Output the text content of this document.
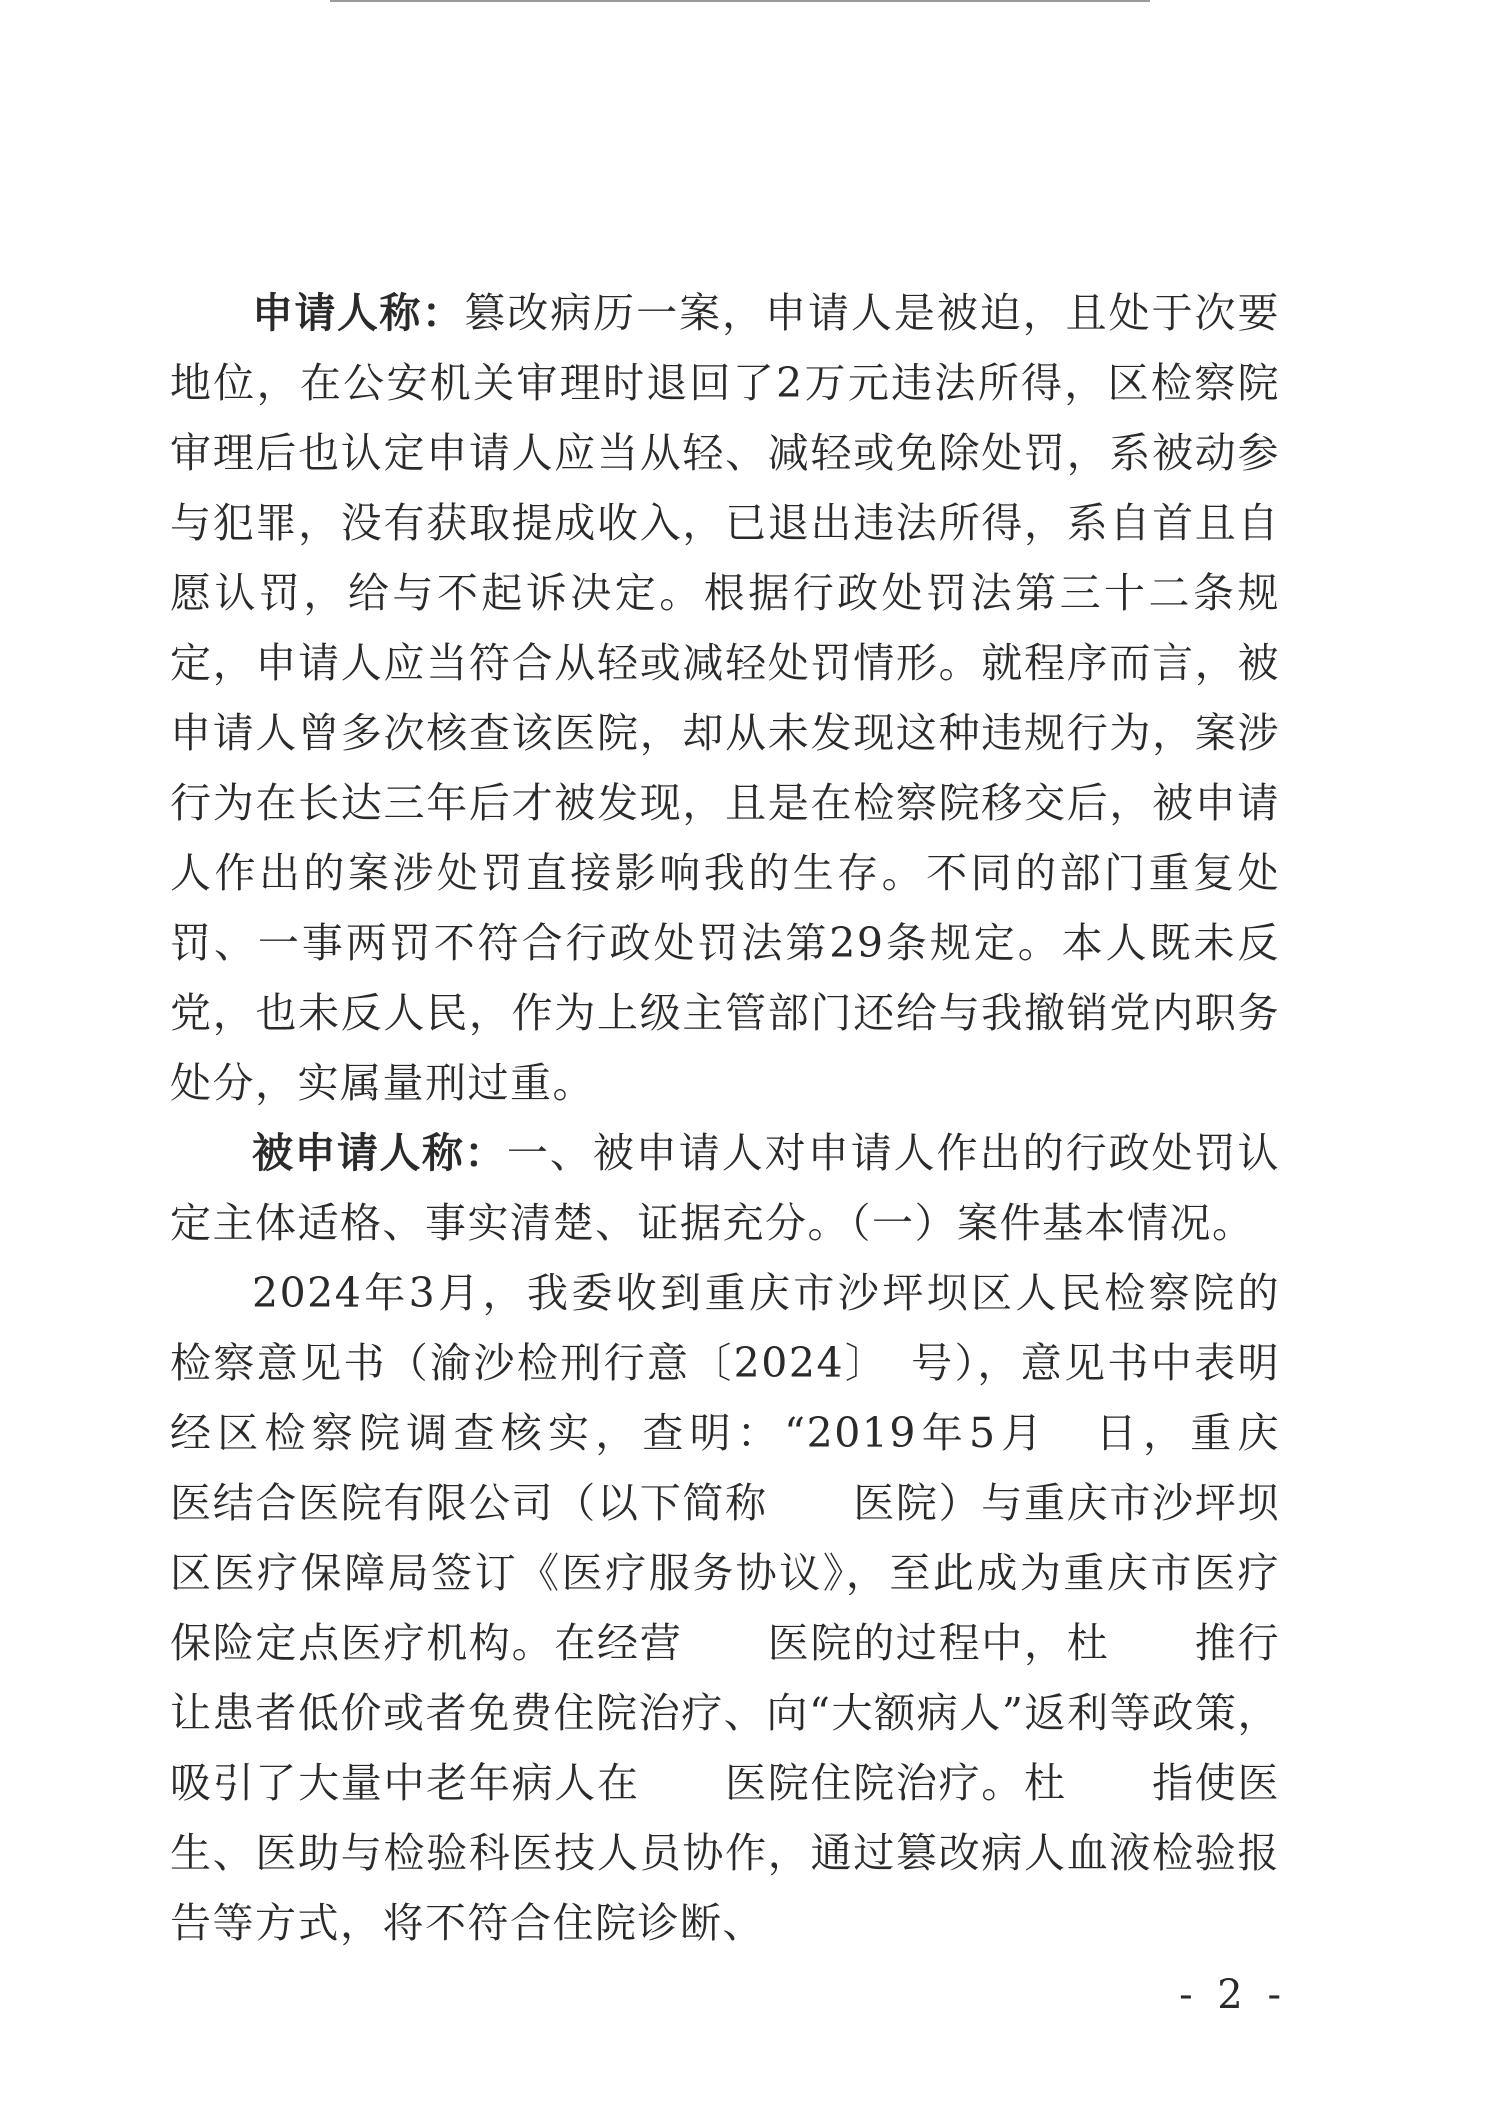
申请人称：篡改病历一案，申请人是被迫，且处于次要地位，在公安机关审理时退回了2万元违法所得，区检察院审理后也认定申请人应当从轻、减轻或免除处罚，系被动参与犯罪，没有获取提成收入，已退出违法所得，系自首且自愿认罚，给与不起诉决定。根据行政处罚法第三十二条规定，申请人应当符合从轻或减轻处罚情形。就程序而言，被申请人曾多次核查该医院，却从未发现这种违规行为，案涉行为在长达三年后才被发现，且是在检察院移交后，被申请人作出的案涉处罚直接影响我的生存。不同的部门重复处罚、一事两罚不符合行政处罚法第29条规定。本人既未反党，也未反人民，作为上级主管部门还给与我撤销党内职务处分，实属量刑过重。

被申请人称：一、被申请人对申请人作出的行政处罚认定主体适格、事实清楚、证据充分。（一）案件基本情况。

2024年3月，我委收到重庆市沙坪坝区人民检察院的检察意见书（渝沙检刑行意〔2024〕　号），意见书中表明经区检察院调查核实，查明：“2019年5月　日，重庆　　　医结合医院有限公司（以下简称　　医院）与重庆市沙坪坝区医疗保障局签订《医疗服务协议》，至此成为重庆市医疗保险定点医疗机构。在经营　　医院的过程中，杜　　推行让患者低价或者免费住院治疗、向“大额病人”返利等政策，吸引了大量中老年病人在　　医院住院治疗。杜　　指使医生、医助与检验科医技人员协作，通过篡改病人血液检验报告等方式，将不符合住院诊断、

- 2 -
